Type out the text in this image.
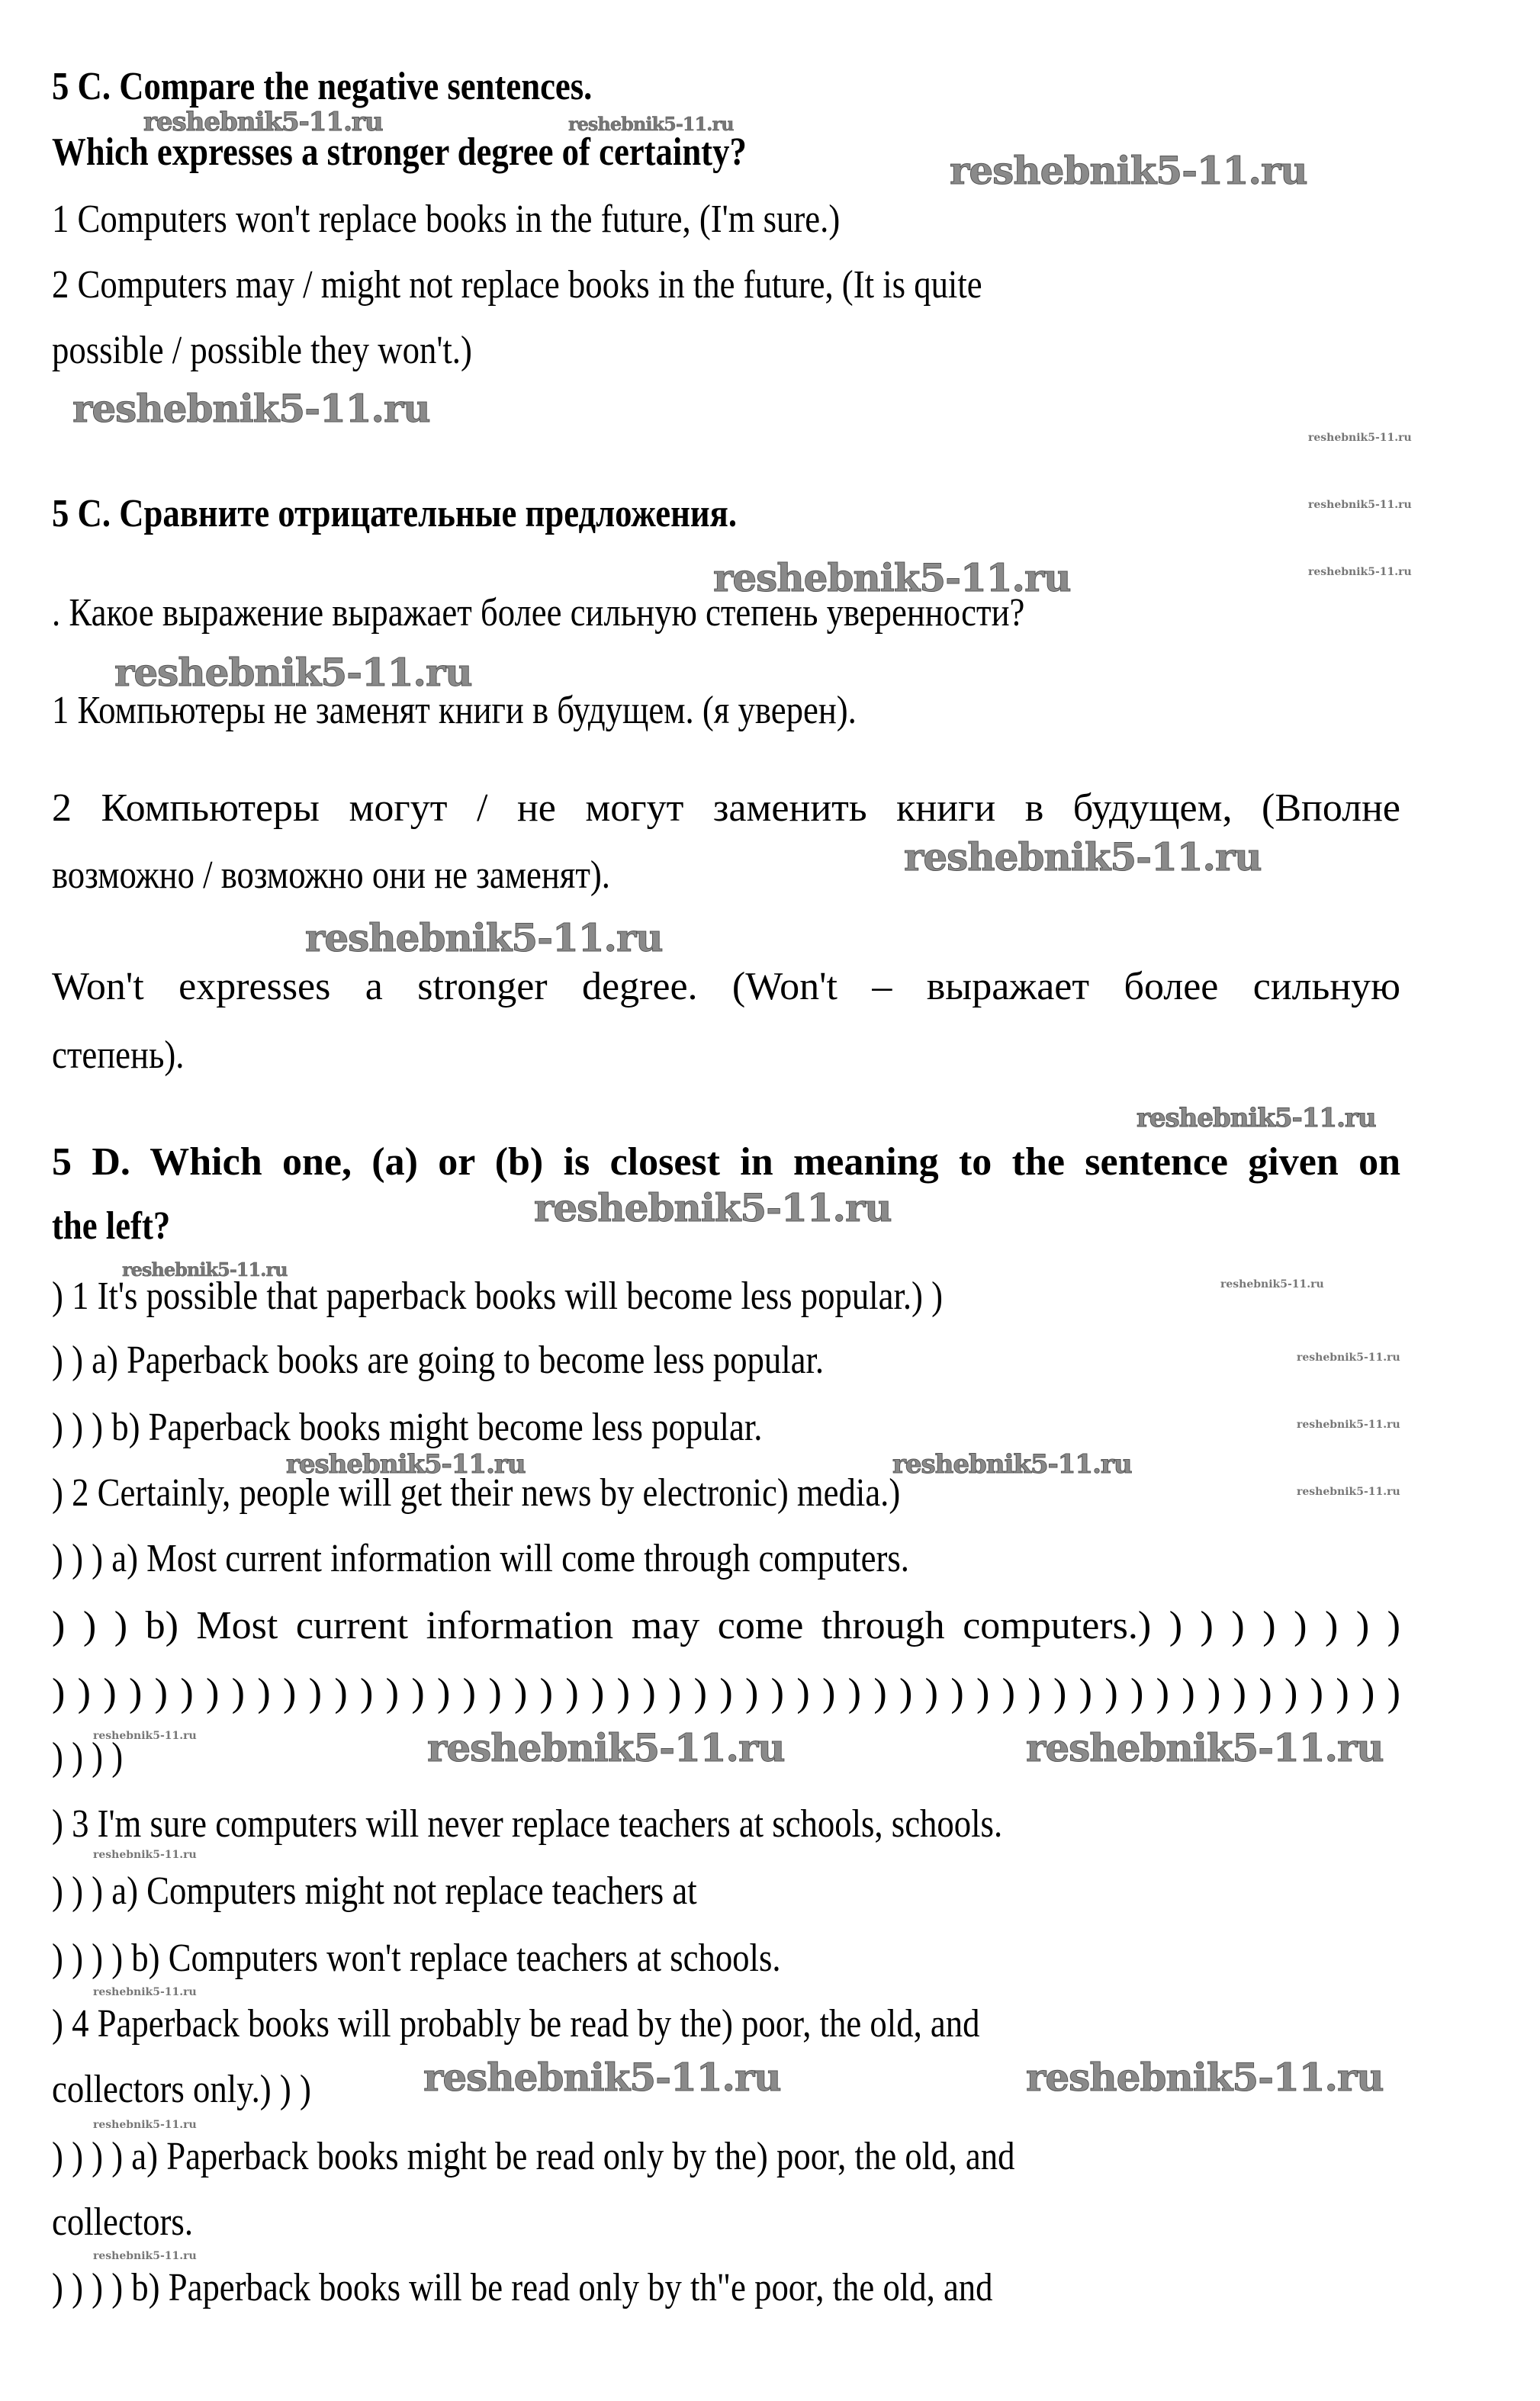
5 C. Compare the negative sentences.
Which expresses a stronger degree of certainty?
1 Computers won't replace books in the future, (I'm sure.)
2 Computers may / might not replace books in the future, (It is quite
possible / possible they won't.)
5 C. Сравните отрицательные предложения.
. Какое выражение выражает более сильную степень уверенности?
1 Компьютеры не заменят книги в будущем. (я уверен).
2 Компьютеры могут / не могут заменить книги в будущем, (Вполне
возможно / возможно они не заменят).
Won't expresses a stronger degree. (Won't – выражает более сильную
степень).
5 D. Which one, (a) or (b) is closest in meaning to the sentence given on
the left?
) 1 It's possible that paperback books will become less popular.) )
) ) a) Paperback books are going to become less popular.
) ) ) b) Paperback books might become less popular.
) 2 Certainly, people will get their news by electronic) media.)
) ) ) a) Most current information will come through computers.
) ) ) b) Most current information may come through computers.) ) ) ) ) ) ) ) )
) ) ) ) ) ) ) ) ) ) ) ) ) ) ) ) ) ) ) ) ) ) ) ) ) ) ) ) ) ) ) ) ) ) ) ) ) ) ) ) ) ) ) ) ) ) ) ) ) ) ) ) )
) ) ) )
) 3 I'm sure computers will never replace teachers at schools, schools.
) ) ) a) Computers might not replace teachers at
) ) ) ) b) Computers won't replace teachers at schools.
) 4 Paperback books will probably be read by the) poor, the old, and
collectors only.) ) )
) ) ) ) a) Paperback books might be read only by the) poor, the old, and
collectors.
) ) ) ) b) Paperback books will be read only by th"e poor, the old, and
reshebnik5-11.ru	reshebnik5-11.ru
reshebnik5-11.ru
reshebnik5-11.ru
reshebnik5-11.ru
reshebnik5-11.ru
reshebnik5-11.ru
reshebnik5-11.ru
reshebnik5-11.ru
reshebnik5-11.ru
reshebnik5-11.ru
reshebnik5-11.ru
reshebnik5-11.ru
reshebnik5-11.ru
reshebnik5-11.ru
reshebnik5-11.ru
reshebnik5-11.ru
reshebnik5-11.ru
reshebnik5-11.ru	reshebnik5-11.ru
reshebnik5-11.ru	reshebnik5-11.ru	reshebnik5-11.ru
reshebnik5-11.ru
reshebnik5-11.ru
reshebnik5-11.ru	reshebnik5-11.ru
reshebnik5-11.ru
reshebnik5-11.ru
